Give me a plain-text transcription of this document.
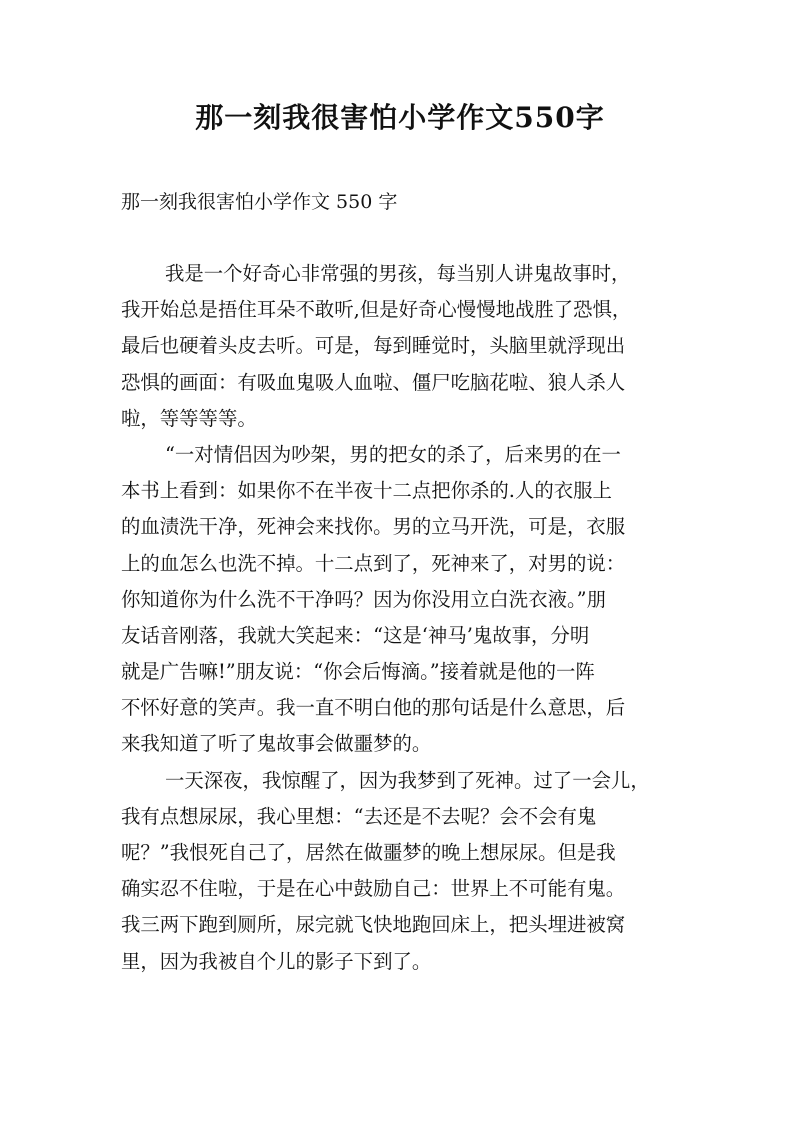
那一刻我很害怕小学作文550字

那一刻我很害怕小学作文 550 字

我是一个好奇心非常强的男孩，每当别人讲鬼故事时，

我开始总是捂住耳朵不敢听,但是好奇心慢慢地战胜了恐惧，

最后也硬着头皮去听。可是，每到睡觉时，头脑里就浮现出

恐惧的画面：有吸血鬼吸人血啦、僵尸吃脑花啦、狼人杀人

啦，等等等等。

“一对情侣因为吵架，男的把女的杀了，后来男的在一

本书上看到：如果你不在半夜十二点把你杀的.人的衣服上

的血渍洗干净，死神会来找你。男的立马开洗，可是，衣服

上的血怎么也洗不掉。十二点到了，死神来了，对男的说：

你知道你为什么洗不干净吗？因为你没用立白洗衣液。”朋

友话音刚落，我就大笑起来：“这是‘神马’鬼故事，分明

就是广告嘛!”朋友说：“你会后悔滴。”接着就是他的一阵

不怀好意的笑声。我一直不明白他的那句话是什么意思，后

来我知道了听了鬼故事会做噩梦的。

一天深夜，我惊醒了，因为我梦到了死神。过了一会儿，

我有点想尿尿，我心里想：“去还是不去呢？会不会有鬼

呢？”我恨死自己了，居然在做噩梦的晚上想尿尿。但是我

确实忍不住啦，于是在心中鼓励自己：世界上不可能有鬼。

我三两下跑到厕所，尿完就飞快地跑回床上，把头埋进被窝

里，因为我被自个儿的影子下到了。
